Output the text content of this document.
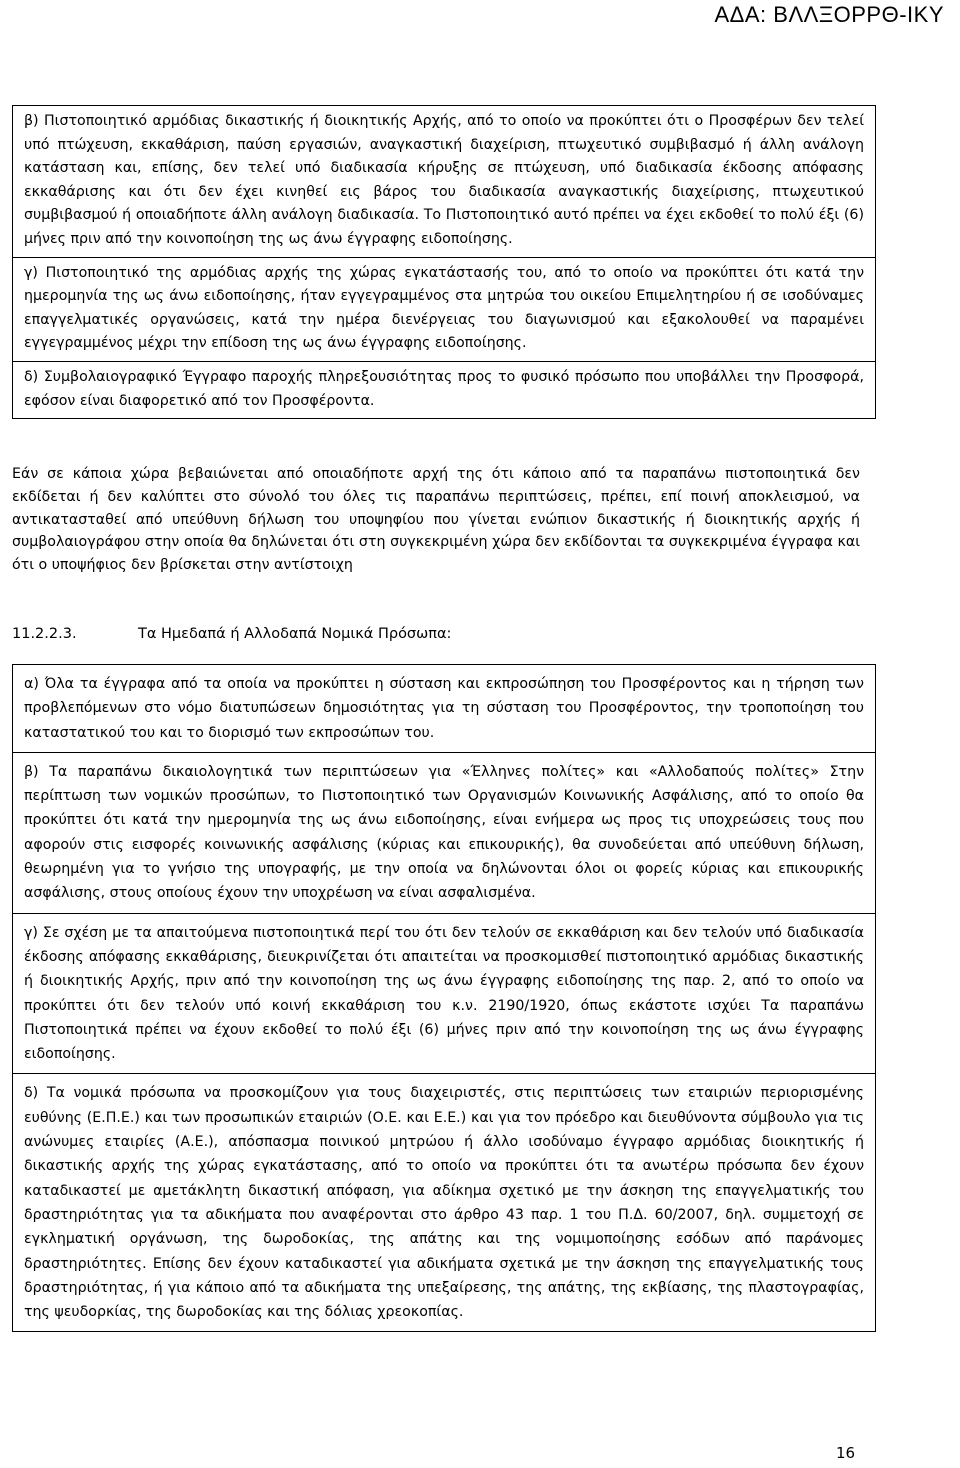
ΑΔΑ: ΒΛΛΞΟΡΡΘ-ΙΚΥ
β) Πιστοποιητικό αρμόδιας δικαστικής ή διοικητικής Αρχής, από το οποίο να προκύπτει ότι ο Προσφέρων δεν τελεί υπό πτώχευση, εκκαθάριση, παύση εργασιών, αναγκαστική διαχείριση, πτωχευτικό συμβιβασμό ή άλλη ανάλογη κατάσταση και, επίσης, δεν τελεί υπό διαδικασία κήρυξης σε πτώχευση, υπό διαδικασία έκδοσης απόφασης εκκαθάρισης και ότι δεν έχει κινηθεί εις βάρος του διαδικασία αναγκαστικής διαχείρισης, πτωχευτικού συμβιβασμού ή οποιαδήποτε άλλη ανάλογη διαδικασία. Το Πιστοποιητικό αυτό πρέπει να έχει εκδοθεί το πολύ έξι (6) μήνες πριν από την κοινοποίηση της ως άνω έγγραφης ειδοποίησης.
γ) Πιστοποιητικό της αρμόδιας αρχής της χώρας εγκατάστασής του, από το οποίο να προκύπτει ότι κατά την ημερομηνία της ως άνω ειδοποίησης, ήταν εγγεγραμμένος στα μητρώα του οικείου Επιμελητηρίου ή σε ισοδύναμες επαγγελματικές οργανώσεις, κατά την ημέρα διενέργειας του διαγωνισμού και εξακολουθεί να παραμένει εγγεγραμμένος μέχρι την επίδοση της ως άνω έγγραφης ειδοποίησης.
δ) Συμβολαιογραφικό Έγγραφο παροχής πληρεξουσιότητας προς το φυσικό πρόσωπο που υποβάλλει την Προσφορά, εφόσον είναι διαφορετικό από τον Προσφέροντα.
Εάν σε κάποια χώρα βεβαιώνεται από οποιαδήποτε αρχή της ότι κάποιο από τα παραπάνω πιστοποιητικά δεν εκδίδεται ή δεν καλύπτει στο σύνολό του όλες τις παραπάνω περιπτώσεις, πρέπει, επί ποινή αποκλεισμού, να αντικατασταθεί από υπεύθυνη δήλωση του υποψηφίου που γίνεται ενώπιον δικαστικής ή διοικητικής αρχής ή συμβολαιογράφου στην οποία θα δηλώνεται ότι στη συγκεκριμένη χώρα δεν εκδίδονται τα συγκεκριμένα έγγραφα και ότι ο υποψήφιος δεν βρίσκεται στην αντίστοιχη
11.2.2.3.	Τα Ημεδαπά ή Αλλοδαπά Νομικά Πρόσωπα:
α) Όλα τα έγγραφα από τα οποία να προκύπτει η σύσταση και εκπροσώπηση του Προσφέροντος και η τήρηση των προβλεπόμενων στο νόμο διατυπώσεων δημοσιότητας για τη σύσταση του Προσφέροντος, την τροποποίηση του καταστατικού του και το διορισμό των εκπροσώπων του.
β) Τα παραπάνω δικαιολογητικά των περιπτώσεων για «Έλληνες πολίτες» και «Αλλοδαπούς πολίτες» Στην περίπτωση των νομικών προσώπων, το Πιστοποιητικό των Οργανισμών Κοινωνικής Ασφάλισης, από το οποίο θα προκύπτει ότι κατά την ημερομηνία της ως άνω ειδοποίησης, είναι ενήμερα ως προς τις υποχρεώσεις τους που αφορούν στις εισφορές κοινωνικής ασφάλισης (κύριας και επικουρικής), θα συνοδεύεται από υπεύθυνη δήλωση, θεωρημένη για το γνήσιο της υπογραφής, με την οποία να δηλώνονται όλοι οι φορείς κύριας και επικουρικής ασφάλισης, στους οποίους έχουν την υποχρέωση να είναι ασφαλισμένα.
γ) Σε σχέση με τα απαιτούμενα πιστοποιητικά περί του ότι δεν τελούν σε εκκαθάριση και δεν τελούν υπό διαδικασία έκδοσης απόφασης εκκαθάρισης, διευκρινίζεται ότι απαιτείται να προσκομισθεί πιστοποιητικό αρμόδιας δικαστικής ή διοικητικής Αρχής, πριν από την κοινοποίηση της ως άνω έγγραφης ειδοποίησης της παρ. 2, από το οποίο να προκύπτει ότι δεν τελούν υπό κοινή εκκαθάριση του κ.ν. 2190/1920, όπως εκάστοτε ισχύει Τα παραπάνω Πιστοποιητικά πρέπει να έχουν εκδοθεί το πολύ έξι (6) μήνες πριν από την κοινοποίηση της ως άνω έγγραφης ειδοποίησης.
δ) Τα νομικά πρόσωπα να προσκομίζουν για τους διαχειριστές, στις περιπτώσεις των εταιριών περιορισμένης ευθύνης (Ε.Π.Ε.) και των προσωπικών εταιριών (Ο.Ε. και Ε.Ε.) και για τον πρόεδρο και διευθύνοντα σύμβουλο για τις ανώνυμες εταιρίες (Α.Ε.), απόσπασμα ποινικού μητρώου ή άλλο ισοδύναμο έγγραφο αρμόδιας διοικητικής ή δικαστικής αρχής της χώρας εγκατάστασης, από το οποίο να προκύπτει ότι τα ανωτέρω πρόσωπα δεν έχουν καταδικαστεί με αμετάκλητη δικαστική απόφαση, για αδίκημα σχετικό με την άσκηση της επαγγελματικής του δραστηριότητας για τα αδικήματα που αναφέρονται στο άρθρο 43 παρ. 1 του Π.Δ. 60/2007, δηλ. συμμετοχή σε εγκληματική οργάνωση, της δωροδοκίας, της απάτης και της νομιμοποίησης εσόδων από παράνομες δραστηριότητες. Επίσης δεν έχουν καταδικαστεί για αδικήματα σχετικά με την άσκηση της επαγγελματικής τους δραστηριότητας, ή για κάποιο από τα αδικήματα της υπεξαίρεσης, της απάτης, της εκβίασης, της πλαστογραφίας, της ψευδορκίας, της δωροδοκίας και της δόλιας χρεοκοπίας.
16
